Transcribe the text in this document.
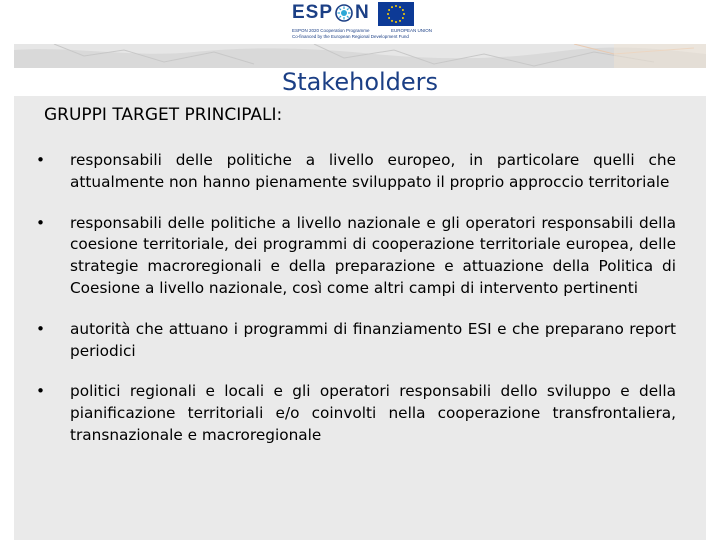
ESP N
ESPON 2020 Cooperation Programme	EUROPEAN UNION
Co-financed by the European Regional Development Fund
Stakeholders
GRUPPI TARGET PRINCIPALI:
•	responsabili delle politiche a livello europeo, in particolare quelli che attualmente non hanno pienamente sviluppato il proprio approccio territoriale
•	responsabili delle politiche a livello nazionale e gli operatori responsabili della coesione territoriale, dei programmi di cooperazione territoriale europea, delle strategie macroregionali e della preparazione e attuazione della Politica di Coesione a livello nazionale, così come altri campi di intervento pertinenti
•	autorità che attuano i programmi di finanziamento ESI e che preparano report periodici
•	politici regionali e locali e gli operatori responsabili dello sviluppo e della pianificazione territoriali e/o coinvolti nella cooperazione transfrontaliera, transnazionale e macroregionale
